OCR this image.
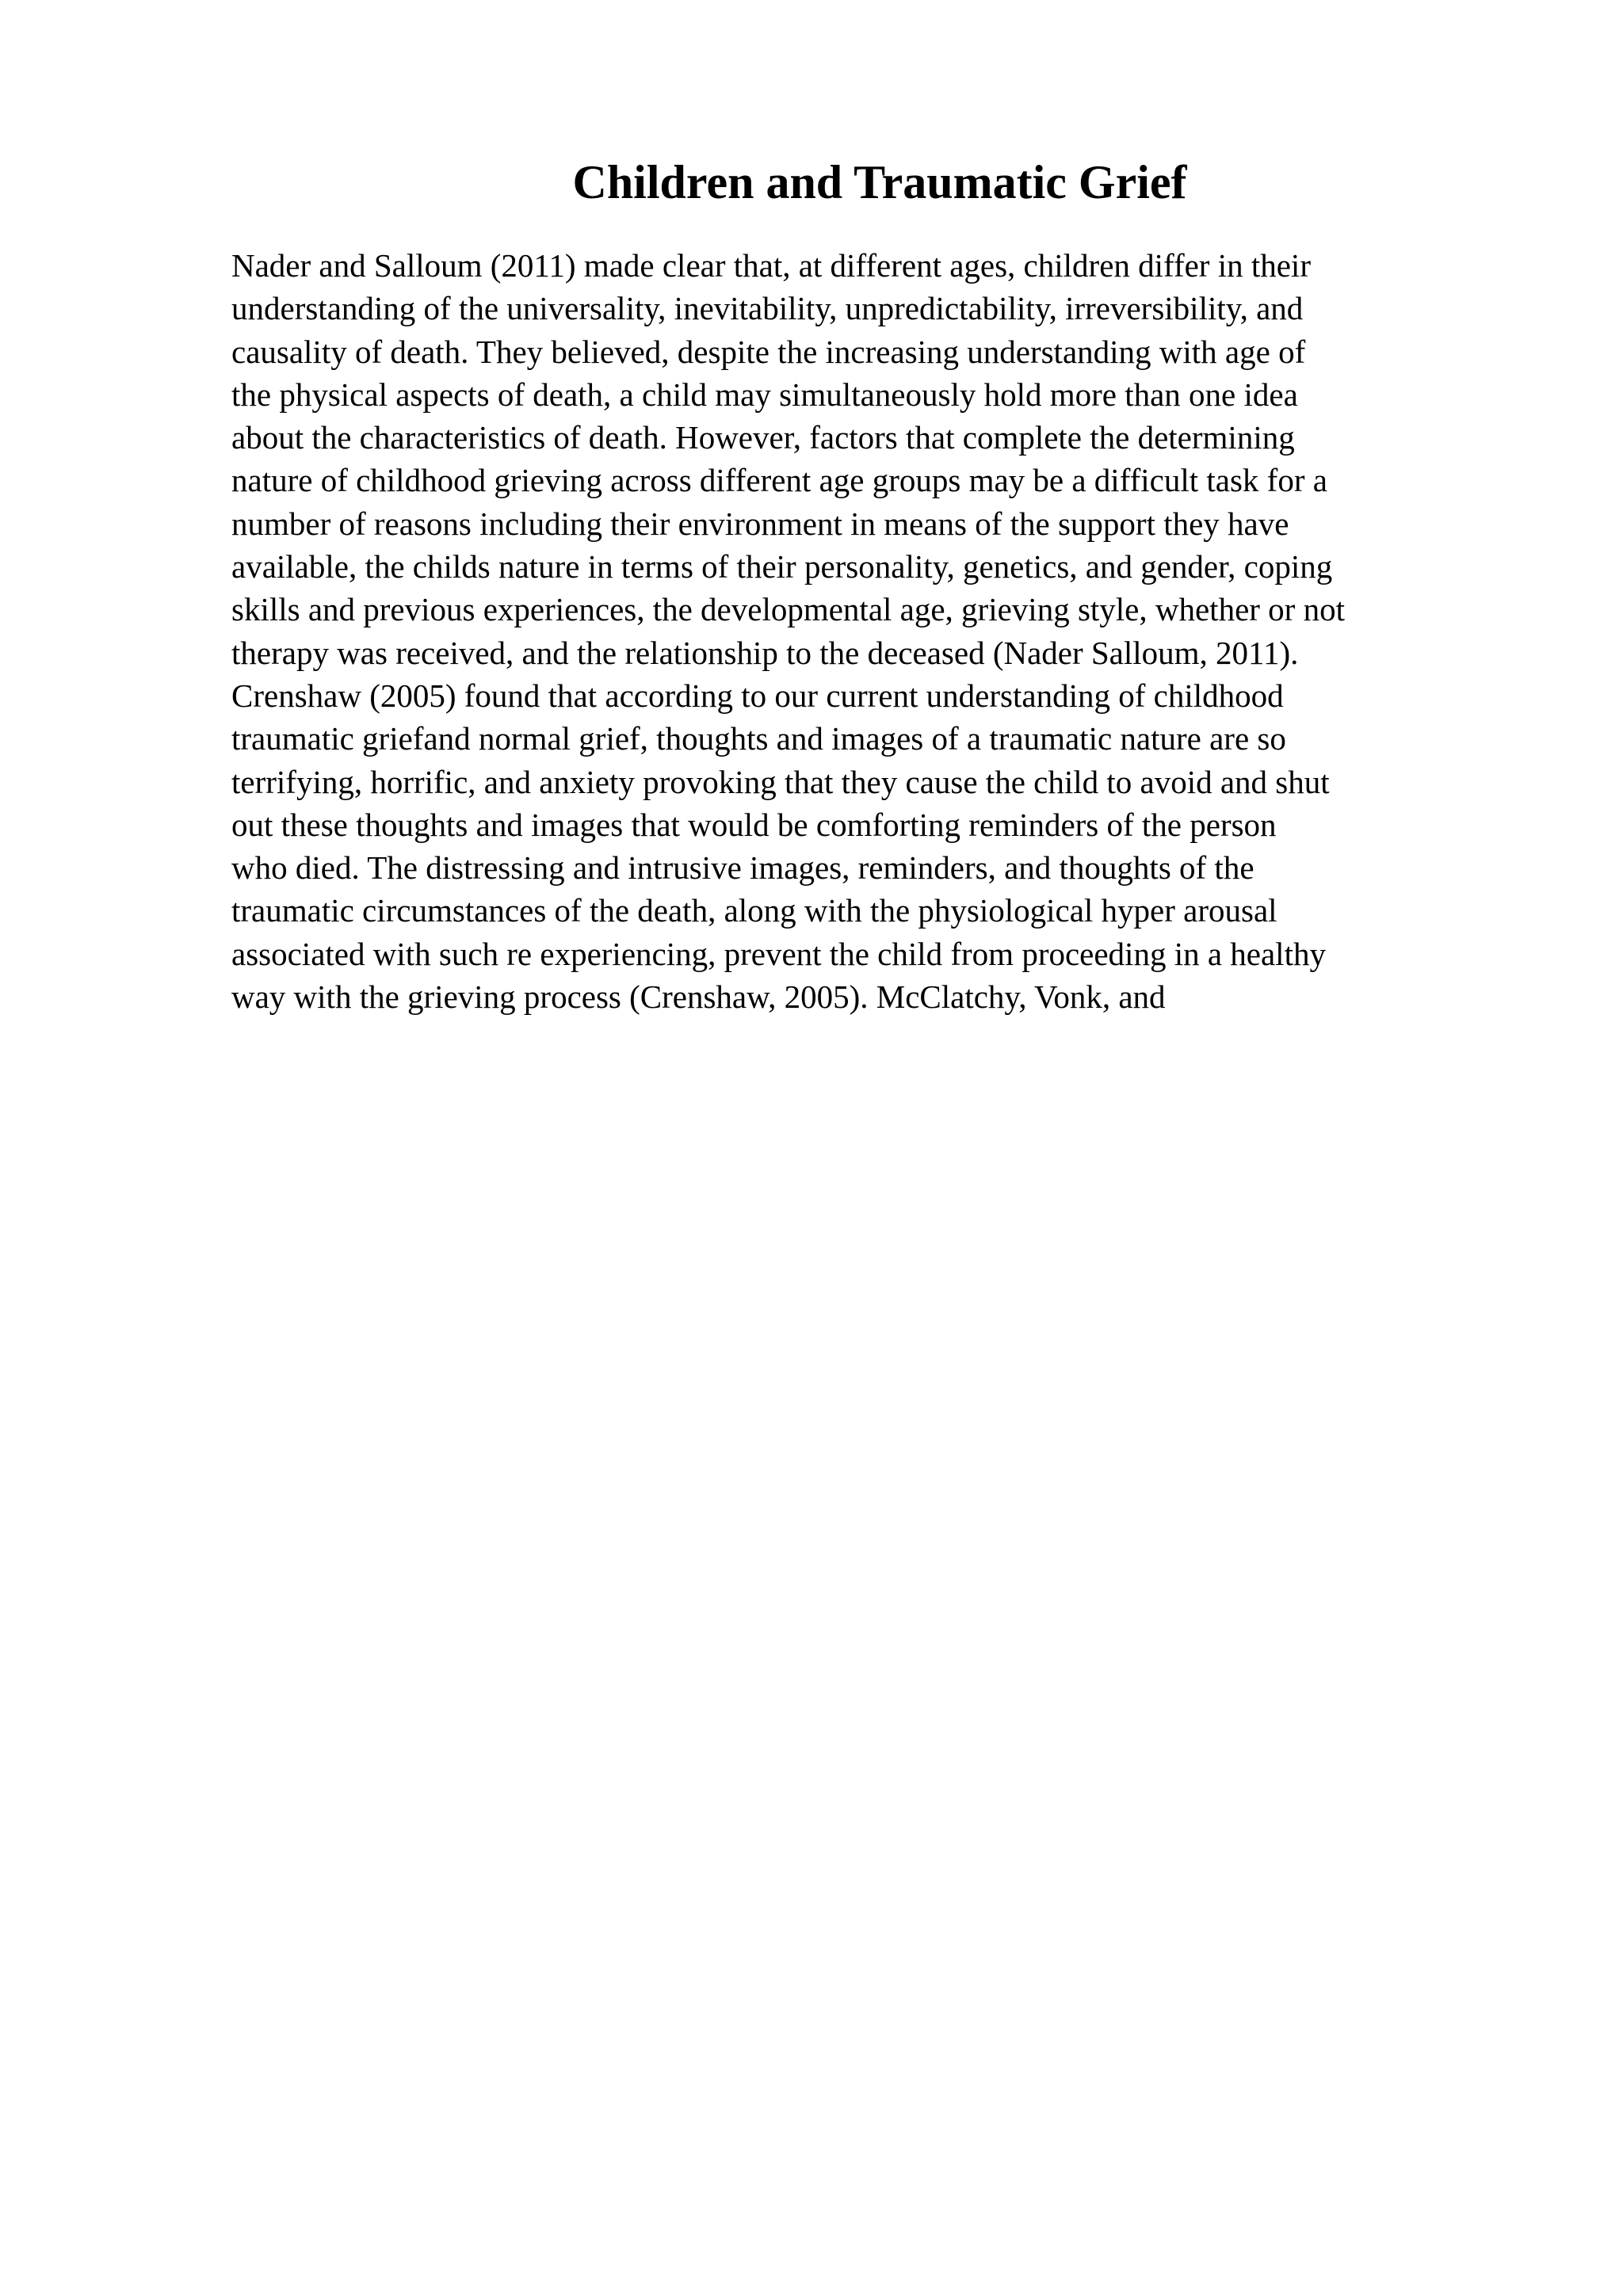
Children and Traumatic Grief
Nader and Salloum (2011) made clear that, at different ages, children differ in their
understanding of the universality, inevitability, unpredictability, irreversibility, and
causality of death. They believed, despite the increasing understanding with age of
the physical aspects of death, a child may simultaneously hold more than one idea
about the characteristics of death. However, factors that complete the determining
nature of childhood grieving across different age groups may be a difficult task for a
number of reasons including their environment in means of the support they have
available, the childs nature in terms of their personality, genetics, and gender, coping
skills and previous experiences, the developmental age, grieving style, whether or not
therapy was received, and the relationship to the deceased (Nader Salloum, 2011).
Crenshaw (2005) found that according to our current understanding of childhood
traumatic griefand normal grief, thoughts and images of a traumatic nature are so
terrifying, horrific, and anxiety provoking that they cause the child to avoid and shut
out these thoughts and images that would be comforting reminders of the person
who died. The distressing and intrusive images, reminders, and thoughts of the
traumatic circumstances of the death, along with the physiological hyper arousal
associated with such re experiencing, prevent the child from proceeding in a healthy
way with the grieving process (Crenshaw, 2005). McClatchy, Vonk, and
